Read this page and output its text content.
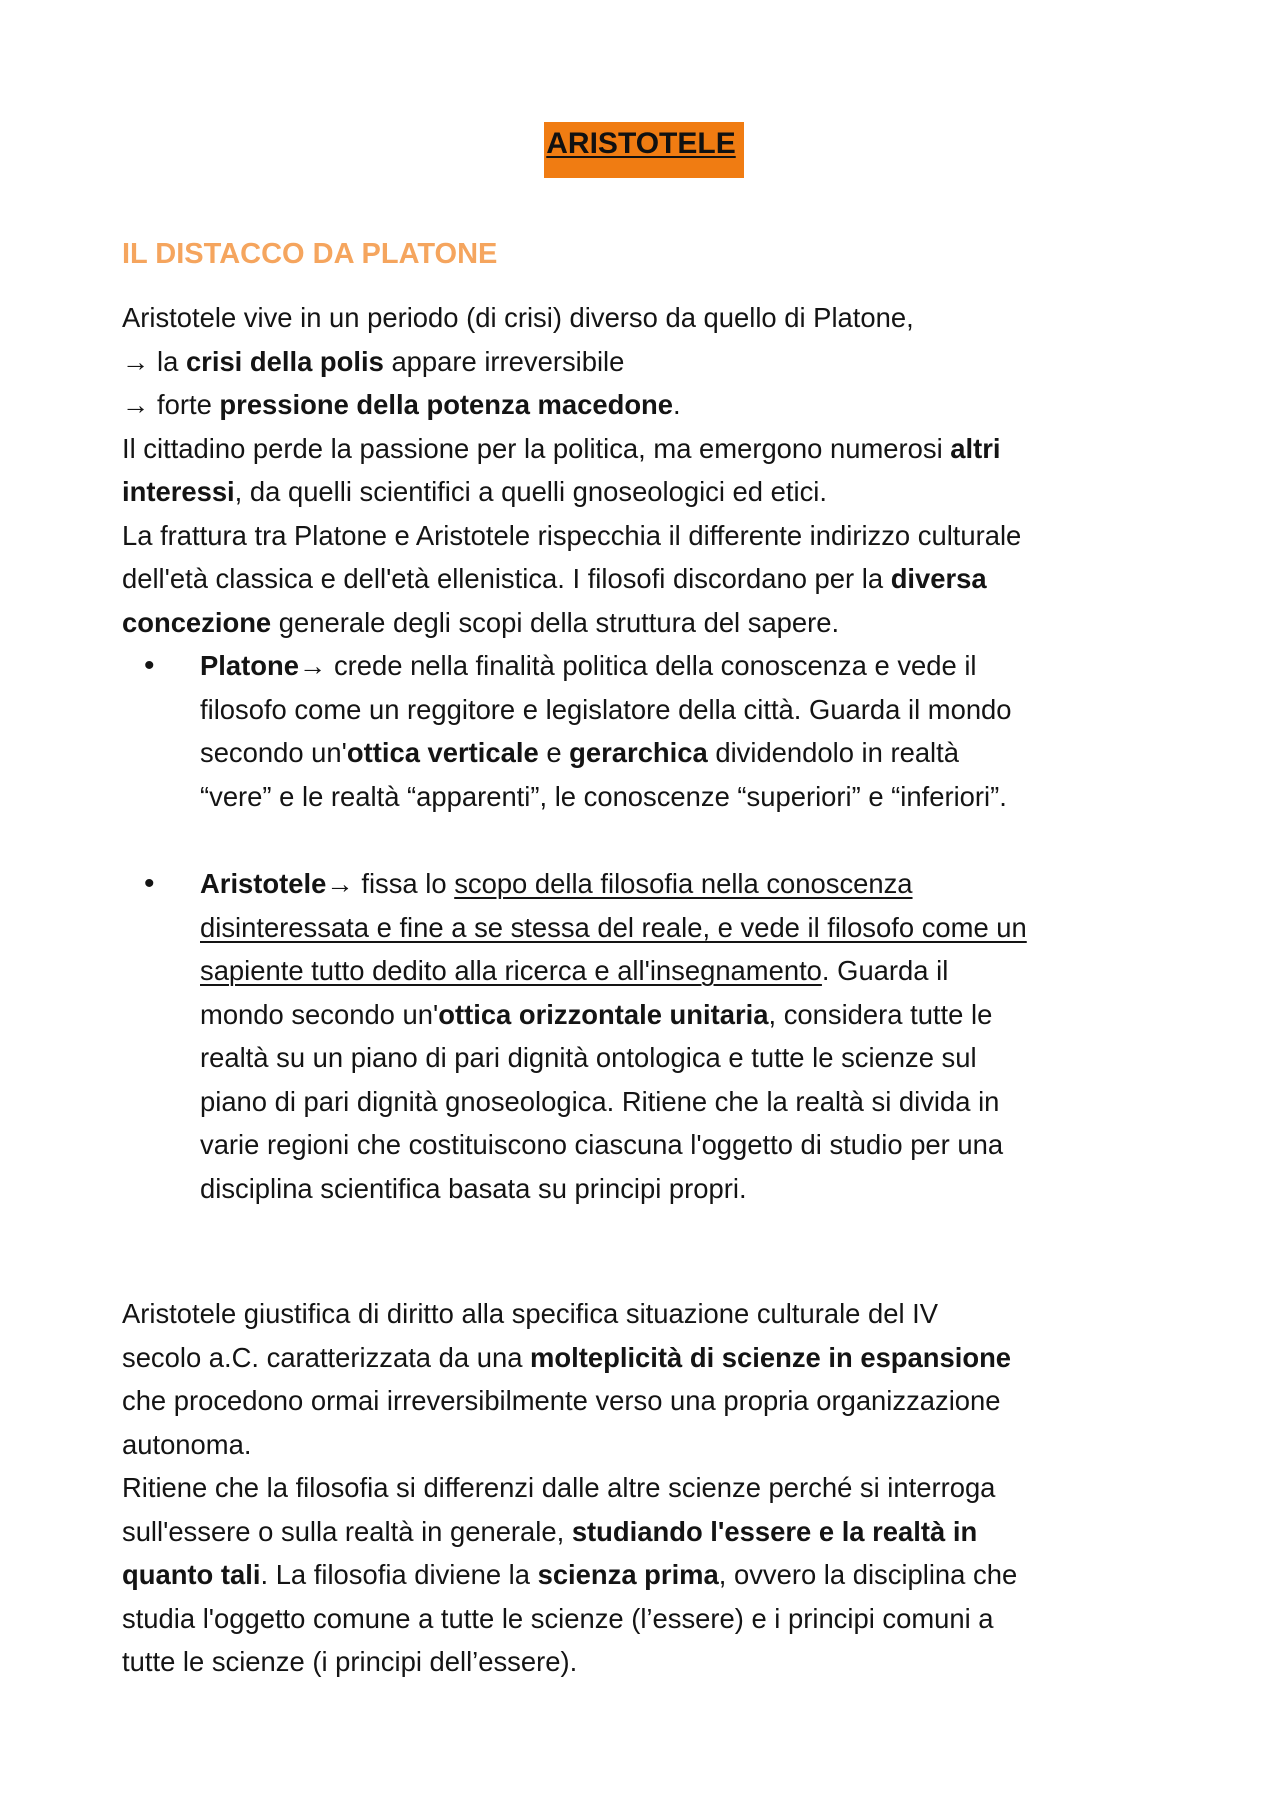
ARISTOTELE
IL DISTACCO DA PLATONE
Aristotele vive in un periodo (di crisi) diverso da quello di Platone,
→ la crisi della polis appare irreversibile
→ forte pressione della potenza macedone.
Il cittadino perde la passione per la politica, ma emergono numerosi altri
interessi, da quelli scientifici a quelli gnoseologici ed etici.
La frattura tra Platone e Aristotele rispecchia il differente indirizzo culturale
dell'età classica e dell'età ellenistica. I filosofi discordano per la diversa
concezione generale degli scopi della struttura del sapere.
• Platone→ crede nella finalità politica della conoscenza e vede il
filosofo come un reggitore e legislatore della città. Guarda il mondo
secondo un'ottica verticale e gerarchica dividendolo in realtà
“vere” e le realtà “apparenti”, le conoscenze “superiori” e “inferiori”.
• Aristotele→ fissa lo scopo della filosofia nella conoscenza
disinteressata e fine a se stessa del reale, e vede il filosofo come un
sapiente tutto dedito alla ricerca e all'insegnamento. Guarda il
mondo secondo un'ottica orizzontale unitaria, considera tutte le
realtà su un piano di pari dignità ontologica e tutte le scienze sul
piano di pari dignità gnoseologica. Ritiene che la realtà si divida in
varie regioni che costituiscono ciascuna l'oggetto di studio per una
disciplina scientifica basata su principi propri.
Aristotele giustifica di diritto alla specifica situazione culturale del IV
secolo a.C. caratterizzata da una molteplicità di scienze in espansione
che procedono ormai irreversibilmente verso una propria organizzazione
autonoma.
Ritiene che la filosofia si differenzi dalle altre scienze perché si interroga
sull'essere o sulla realtà in generale, studiando l'essere e la realtà in
quanto tali. La filosofia diviene la scienza prima, ovvero la disciplina che
studia l'oggetto comune a tutte le scienze (l’essere) e i principi comuni a
tutte le scienze (i principi dell’essere).
